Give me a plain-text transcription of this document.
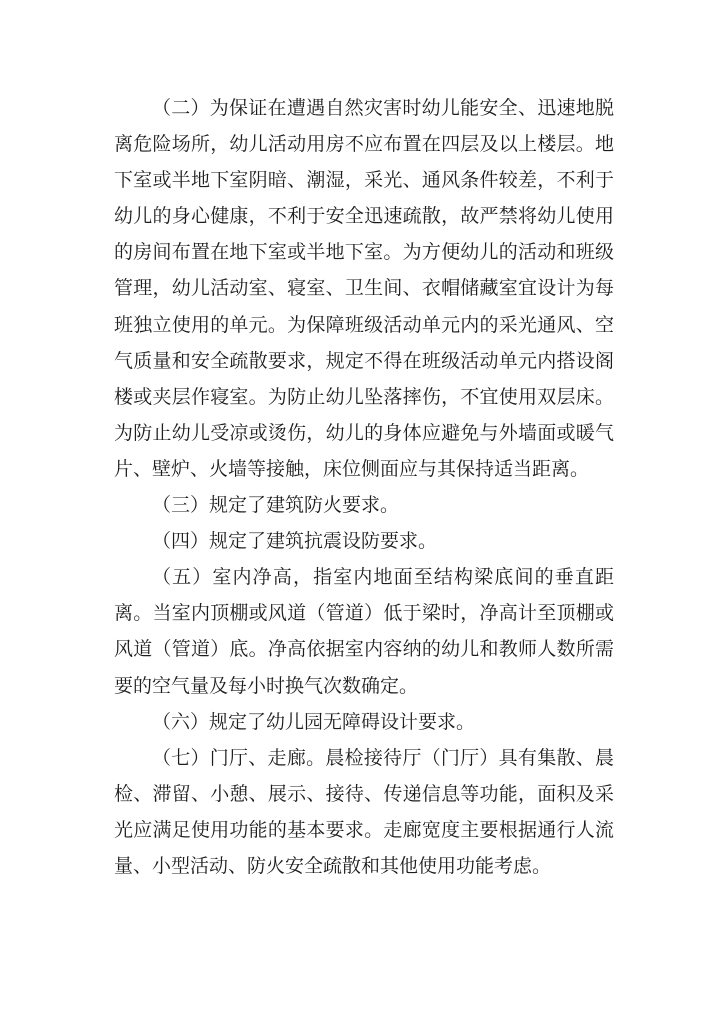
（二）为保证在遭遇自然灾害时幼儿能安全、迅速地脱离危险场所，幼儿活动用房不应布置在四层及以上楼层。地下室或半地下室阴暗、潮湿，采光、通风条件较差，不利于幼儿的身心健康，不利于安全迅速疏散，故严禁将幼儿使用的房间布置在地下室或半地下室。为方便幼儿的活动和班级管理，幼儿活动室、寝室、卫生间、衣帽储藏室宜设计为每班独立使用的单元。为保障班级活动单元内的采光通风、空气质量和安全疏散要求，规定不得在班级活动单元内搭设阁楼或夹层作寝室。为防止幼儿坠落摔伤，不宜使用双层床。为防止幼儿受凉或烫伤，幼儿的身体应避免与外墙面或暖气片、壁炉、火墙等接触，床位侧面应与其保持适当距离。

（三）规定了建筑防火要求。

（四）规定了建筑抗震设防要求。

（五）室内净高，指室内地面至结构梁底间的垂直距离。当室内顶棚或风道（管道）低于梁时，净高计至顶棚或风道（管道）底。净高依据室内容纳的幼儿和教师人数所需要的空气量及每小时换气次数确定。

（六）规定了幼儿园无障碍设计要求。

（七）门厅、走廊。晨检接待厅（门厅）具有集散、晨检、滞留、小憩、展示、接待、传递信息等功能，面积及采光应满足使用功能的基本要求。走廊宽度主要根据通行人流量、小型活动、防火安全疏散和其他使用功能考虑。
